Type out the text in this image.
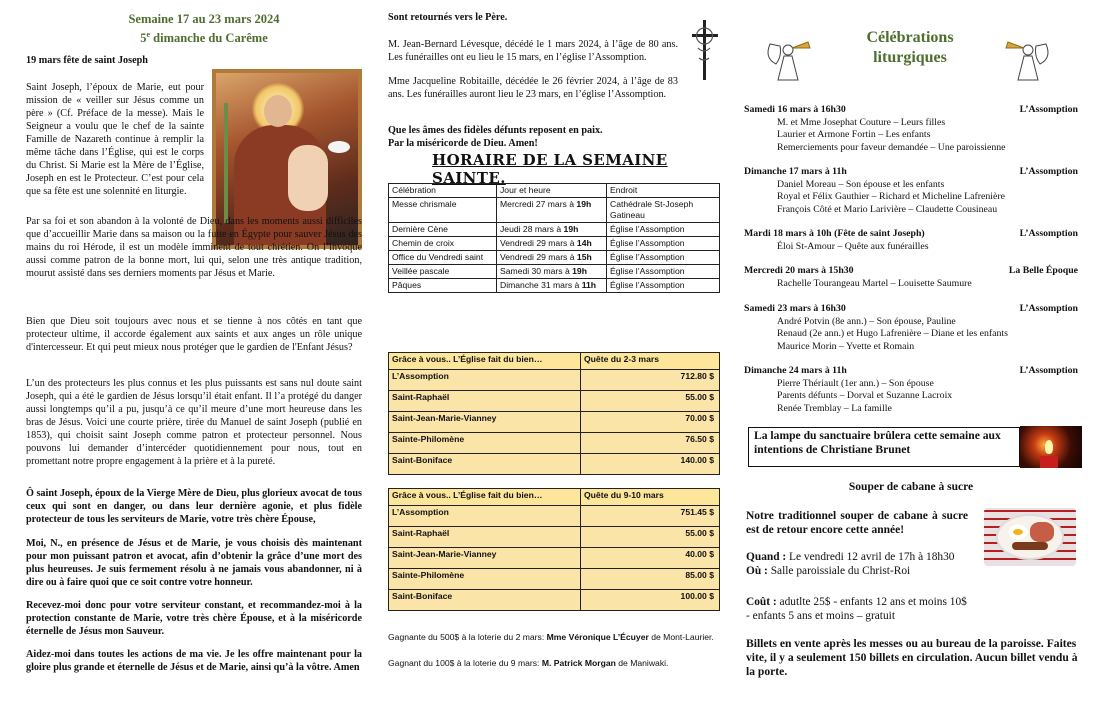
Semaine 17 au 23 mars 2024
5e dimanche du Carême
19 mars fête de saint Joseph

Saint Joseph, l’époux de Marie, eut pour mission de « veiller sur Jésus comme un père » (Cf. Préface de la messe). Mais le Seigneur a voulu que le chef de la sainte Famille de Nazareth continue à remplir la même tâche dans l’Église, qui est le corps du Christ. Si Marie est la Mère de l’Église, Joseph en est le Protecteur. C’est pour cela que sa fête est une solennité en liturgie.

Par sa foi et son abandon à la volonté de Dieu, dans les moments aussi difficiles que d’accueillir Marie dans sa maison ou la fuite en Égypte pour sauver Jésus des mains du roi Hérode, il est un modèle imminent de tout chrétien. On l’invoque aussi comme patron de la bonne mort, lui qui, selon une très antique tradition, mourut assisté dans ses derniers moments par Jésus et Marie.

Bien que Dieu soit toujours avec nous et se tienne à nos côtés en tant que protecteur ultime, il accorde également aux saints et aux anges un rôle unique d'intercesseur. Et qui peut mieux nous protéger que le gardien de l'Enfant Jésus?

L’un des protecteurs les plus connus et les plus puissants est sans nul doute saint Joseph, qui a été le gardien de Jésus lorsqu’il était enfant. Il l’a protégé du danger aussi longtemps qu’il a pu, jusqu’à ce qu’il meure d’une mort heureuse dans les bras de Jésus. Voici une courte prière, tirée du Manuel de saint Joseph (publié en 1853), qui choisit saint Joseph comme patron et protecteur personnel. Nous pouvons lui demander d’intercéder quotidiennement pour nous, tout en promettant notre propre engagement à la prière et à la pureté.

Ô saint Joseph, époux de la Vierge Mère de Dieu, plus glorieux avocat de tous ceux qui sont en danger, ou dans leur dernière agonie, et plus fidèle protecteur de tous les serviteurs de Marie, votre très chère Épouse,

Moi, N., en présence de Jésus et de Marie, je vous choisis dès maintenant pour mon puissant patron et avocat, afin d’obtenir la grâce d’une mort des plus heureuses. Je suis fermement résolu à ne jamais vous abandonner, ni à dire ou à faire quoi que ce soit contre votre honneur.

Recevez-moi donc pour votre serviteur constant, et recommandez-moi à la protection constante de Marie, votre très chère Épouse, et à la miséricorde éternelle de Jésus mon Sauveur.

Aidez-moi dans toutes les actions de ma vie. Je les offre maintenant pour la gloire plus grande et éternelle de Jésus et de Marie, ainsi qu’à la vôtre. Amen

Sont retournés vers le Père.

M. Jean-Bernard Lévesque, décédé le 1 mars 2024, à l’âge de 80 ans. Les funérailles ont eu lieu le 15 mars, en l’église l’Assomption.

Mme Jacqueline Robitaille, décédée le 26 février 2024, à l’âge de 83 ans. Les funérailles auront lieu le 23 mars, en l’église l’Assomption.

Que les âmes des fidèles défunts reposent en paix.
Par la miséricorde de Dieu. Amen!
HORAIRE DE LA SEMAINE SAINTE.
Célébration	Jour et heure	Endroit
Messe chrismale	Mercredi 27 mars à 19h	Cathédrale St-Joseph Gatineau
Dernière Cène	Jeudi 28 mars à 19h	Église l’Assomption
Chemin de croix	Vendredi 29 mars à 14h	Église l’Assomption
Office du Vendredi saint	Vendredi 29 mars à 15h	Église l’Assomption
Veillée pascale	Samedi 30 mars à 19h	Église l’Assomption
Pâques	Dimanche 31 mars à 11h	Église l’Assomption
Grâce à vous.. L’Église fait du bien…	Quête du 2-3 mars
L’Assomption	712.80 $
Saint-Raphaël	55.00 $
Saint-Jean-Marie-Vianney	70.00 $
Sainte-Philomène	76.50 $
Saint-Boniface	140.00 $
Grâce à vous.. L’Église fait du bien…	Quête du 9-10 mars
L’Assomption	751.45 $
Saint-Raphaël	55.00 $
Saint-Jean-Marie-Vianney	40.00 $
Sainte-Philomène	85.00 $
Saint-Boniface	100.00 $
Gagnante du 500$ à la loterie du 2 mars: Mme Véronique L’Écuyer de Mont-Laurier.
Gagnant du 100$ à la loterie du 9 mars: M. Patrick Morgan de Maniwaki.
Célébrations
liturgiques
Samedi 16 mars à 16h30	L’Assomption
M. et Mme Josephat Couture – Leurs filles
Laurier et Armone Fortin – Les enfants
Remerciements pour faveur demandée – Une paroissienne
Dimanche 17 mars à 11h	L’Assomption
Daniel Moreau – Son épouse et les enfants
Royal et Félix Gauthier – Richard et Micheline Lafrenière
François Côté et Mario Larivière – Claudette Cousineau
Mardi 18 mars à 10h (Fête de saint Joseph)	L’Assomption
Éloi St-Amour – Quête aux funérailles
Mercredi 20 mars à 15h30	La Belle Époque
Rachelle Tourangeau Martel – Louisette Saumure
Samedi 23 mars à 16h30	L’Assomption
André Potvin (8e ann.) – Son épouse, Pauline
Renaud (2e ann.) et Hugo Lafrenière – Diane et les enfants
Maurice Morin – Yvette et Romain
Dimanche 24 mars à 11h	L’Assomption
Pierre Thériault (1er ann.) – Son épouse
Parents défunts – Dorval et Suzanne Lacroix
Renée Tremblay – La famille
La lampe du sanctuaire brûlera cette semaine aux intentions de Christiane Brunet
Souper de cabane à sucre
Notre traditionnel souper de cabane à sucre est de retour encore cette année!
Quand : Le vendredi 12 avril de 17h à 18h30
Où : Salle paroissiale du Christ-Roi
Coût : adutlte 25$ - enfants 12 ans et moins 10$
- enfants 5 ans et moins – gratuit
Billets en vente après les messes ou au bureau de la paroisse. Faites vite, il y a seulement 150 billets en circulation. Aucun billet vendu à la porte.
